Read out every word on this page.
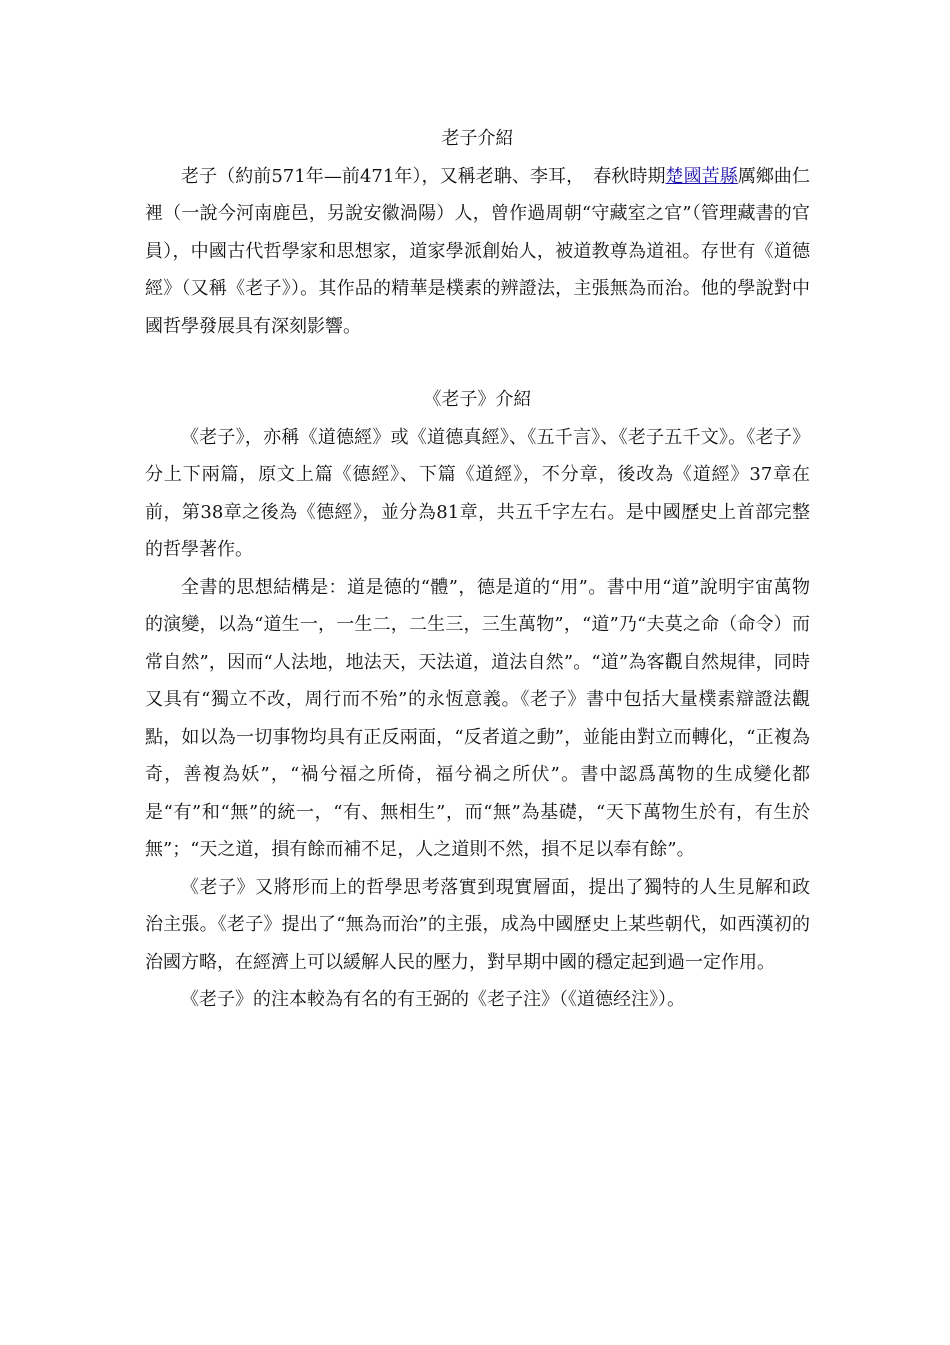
老子介紹

老子（約前571年—前471年），又稱老聃、李耳，　春秋時期楚國苦縣厲鄉曲仁裡（一說今河南鹿邑，另說安徽渦陽）人，曾作過周朝“守藏室之官”（管理藏書的官員），中國古代哲學家和思想家，道家學派創始人，被道教尊為道祖。存世有《道德經》（又稱《老子》）。其作品的精華是樸素的辨證法，主張無為而治。他的學說對中國哲學發展具有深刻影響。

《老子》介紹

《老子》，亦稱《道德經》或《道德真經》、《五千言》、《老子五千文》。《老子》分上下兩篇，原文上篇《德經》、下篇《道經》，不分章，後改為《道經》37章在前，第38章之後為《德經》，並分為81章，共五千字左右。是中國歷史上首部完整的哲學著作。

全書的思想結構是：道是德的“體”，德是道的“用”。書中用“道”說明宇宙萬物的演變，以為“道生一，一生二，二生三，三生萬物”，“道”乃“夫莫之命（命令）而常自然”，因而“人法地，地法天，天法道，道法自然”。“道”為客觀自然規律，同時又具有“獨立不改，周行而不殆”的永恆意義。《老子》書中包括大量樸素辯證法觀點，如以為一切事物均具有正反兩面，“反者道之動”，並能由對立而轉化，“正複為奇，善複為妖”，“禍兮福之所倚，福兮禍之所伏”。書中認爲萬物的生成變化都是“有”和“無”的統一，“有、無相生”，而“無”為基礎，“天下萬物生於有，有生於無”；“天之道，損有餘而補不足，人之道則不然，損不足以奉有餘”。

《老子》又將形而上的哲學思考落實到現實層面，提出了獨特的人生見解和政治主張。《老子》提出了“無為而治”的主張，成為中國歷史上某些朝代，如西漢初的治國方略，在經濟上可以緩解人民的壓力，對早期中國的穩定起到過一定作用。

《老子》的注本較為有名的有王弼的《老子注》（《道德经注》）。
